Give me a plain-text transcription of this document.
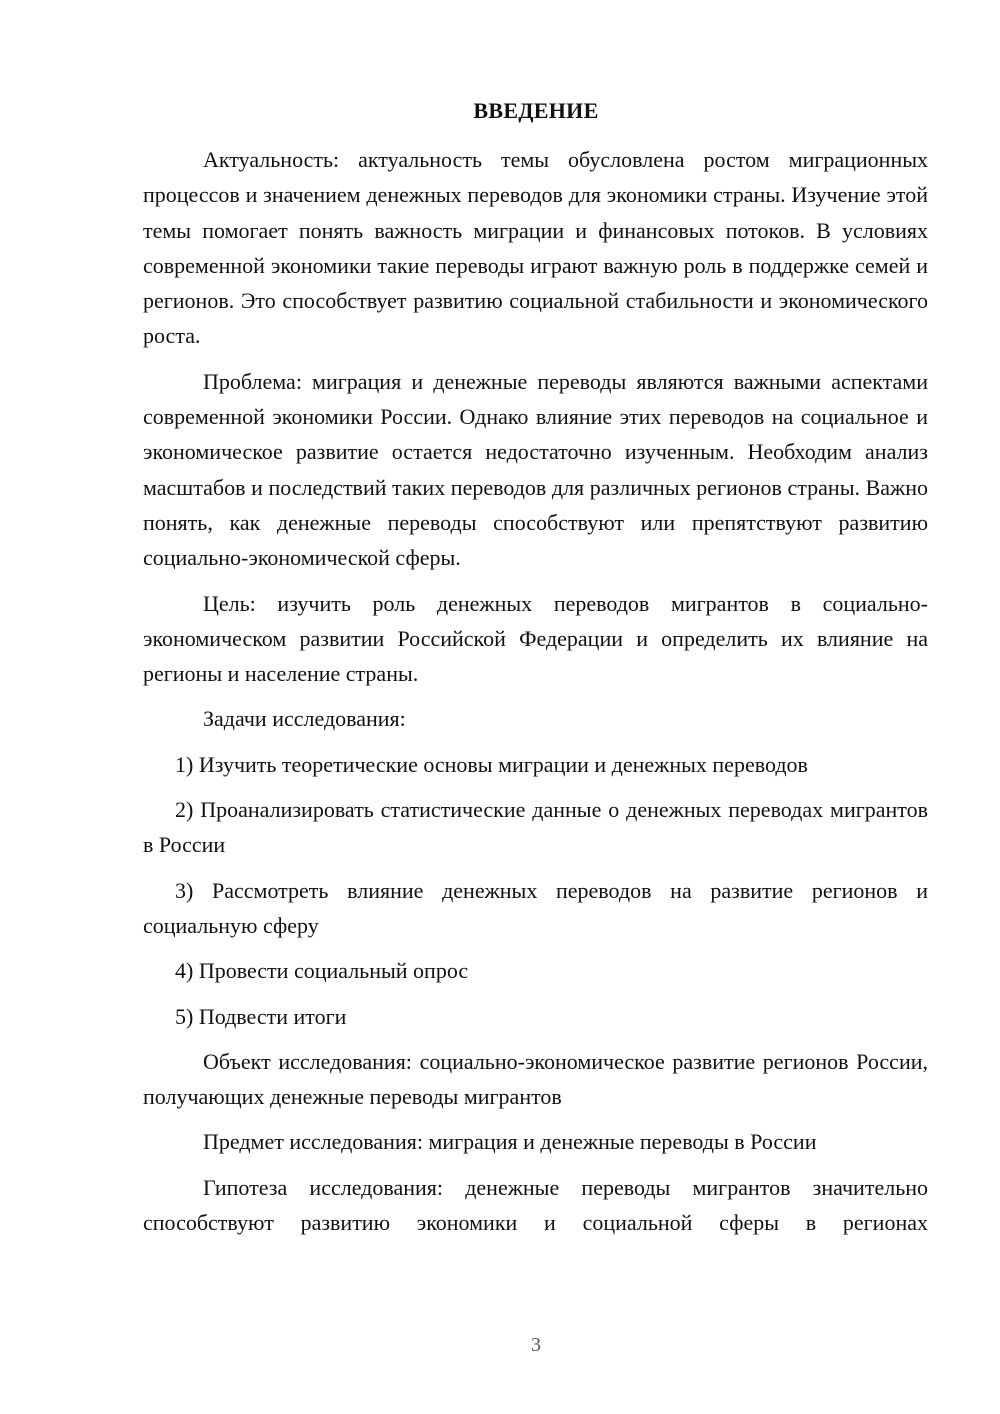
ВВЕДЕНИЕ

Актуальность: актуальность темы обусловлена ростом миграционных процессов и значением денежных переводов для экономики страны. Изучение этой темы помогает понять важность миграции и финансовых потоков. В условиях современной экономики такие переводы играют важную роль в поддержке семей и регионов. Это способствует развитию социальной стабильности и экономического роста.

Проблема: миграция и денежные переводы являются важными аспектами современной экономики России. Однако влияние этих переводов на социальное и экономическое развитие остается недостаточно изученным. Необходим анализ масштабов и последствий таких переводов для различных регионов страны. Важно понять, как денежные переводы способствуют или препятствуют развитию социально-экономической сферы.

Цель: изучить роль денежных переводов мигрантов в социально-экономическом развитии Российской Федерации и определить их влияние на регионы и население страны.

Задачи исследования:

1) Изучить теоретические основы миграции и денежных переводов

2) Проанализировать статистические данные о денежных переводах мигрантов в России

3) Рассмотреть влияние денежных переводов на развитие регионов и социальную сферу

4) Провести социальный опрос

5) Подвести итоги

Объект исследования: социально-экономическое развитие регионов России, получающих денежные переводы мигрантов

Предмет исследования: миграция и денежные переводы в России

Гипотеза исследования: денежные переводы мигрантов значительно способствуют развитию экономики и социальной сферы в регионах

3
